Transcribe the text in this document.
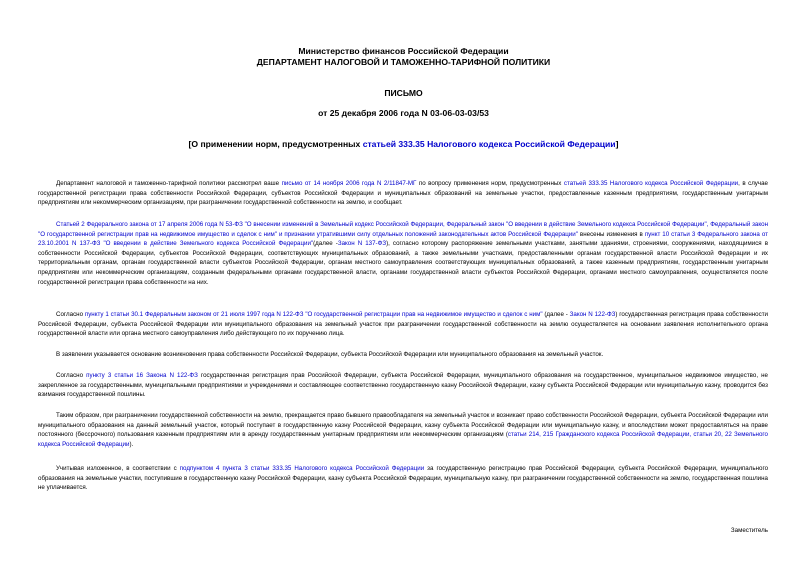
Министерство финансов Российской Федерации
ДЕПАРТАМЕНТ НАЛОГОВОЙ И ТАМОЖЕННО-ТАРИФНОЙ ПОЛИТИКИ
ПИСЬМО
от 25 декабря 2006 года N 03-06-03-03/53
[О применении норм, предусмотренных статьей 333.35 Налогового кодекса Российской Федерации]
Департамент налоговой и таможенно-тарифной политики рассмотрел ваше письмо от 14 ноября 2006 года N 2/11847-МГ по вопросу применения норм, предусмотренных статьей 333.35 Налогового кодекса Российской Федерации, в случае государственной регистрации права собственности Российской Федерации, субъектов Российской Федерации и муниципальных образований на земельные участки, предоставленные казенным предприятиям, государственным унитарным предприятиям или некоммерческим организациям, при разграничении государственной собственности на землю, и сообщает.
Статьей 2 Федерального закона от 17 апреля 2006 года N 53-ФЗ "О внесении изменений в Земельный кодекс Российской Федерации, Федеральный закон "О введении в действие Земельного кодекса Российской Федерации", Федеральный закон "О государственной регистрации прав на недвижимое имущество и сделок с ним" и признании утратившими силу отдельных положений законодательных актов Российской Федерации" внесены изменения в пункт 10 статьи 3 Федерального закона от 23.10.2001 N 137-ФЗ "О введении в действие Земельного кодекса Российской Федерации"(далее -Закон N 137-ФЗ), согласно которому распоряжение земельными участками, занятыми зданиями, строениями, сооружениями, находящимися в собственности Российской Федерации, субъектов Российской Федерации, соответствующих муниципальных образований, а также земельными участками, предоставленными органам государственной власти Российской Федерации и их территориальным органам, органам государственной власти субъектов Российской Федерации, органам местного самоуправления соответствующих муниципальных образований, а также казенным предприятиям, государственным унитарным предприятиям или некоммерческим организациям, созданным федеральными органами государственной власти, органами государственной власти субъектов Российской Федерации, органами местного самоуправления, осуществляется после государственной регистрации права собственности на них.
Согласно пункту 1 статьи 30.1 Федеральным законом от 21 июля 1997 года N 122-ФЗ "О государственной регистрации прав на недвижимое имущество и сделок с ним" (далее - Закон N 122-ФЗ) государственная регистрация права собственности Российской Федерации, субъекта Российской Федерации или муниципального образования на земельный участок при разграничении государственной собственности на землю осуществляется на основании заявления исполнительного органа государственной власти или органа местного самоуправления либо действующего по их поручению лица.
В заявлении указывается основание возникновения права собственности Российской Федерации, субъекта Российской Федерации или муниципального образования на земельный участок.
Согласно пункту 3 статьи 16 Закона N 122-ФЗ государственная регистрация прав Российской Федерации, субъекта Российской Федерации, муниципального образования на государственное, муниципальное недвижимое имущество, не закрепленное за государственными, муниципальными предприятиями и учреждениями и составляющее соответственно государственную казну Российской Федерации, казну субъекта Российской Федерации или муниципальную казну, проводится без взимания государственной пошлины.
Таким образом, при разграничении государственной собственности на землю, прекращается право бывшего правообладателя на земельный участок и возникает право собственности Российской Федерации, субъекта Российской Федерации или муниципального образования на данный земельный участок, который поступает в государственную казну Российской Федерации, казну субъекта Российской Федерации или муниципальную казну, и впоследствии может предоставляться на праве постоянного (бессрочного) пользования казенным предприятиям или в аренду государственным унитарным предприятиям или некоммерческим организациям (статьи 214, 215 Гражданского кодекса Российской Федерации, статьи 20, 22 Земельного кодекса Российской Федерации).
Учитывая изложенное, в соответствии с подпунктом 4 пункта 3 статьи 333.35 Налогового кодекса Российской Федерации за государственную регистрацию прав Российской Федерации, субъекта Российской Федерации, муниципального образования на земельные участки, поступившие в государственную казну Российской Федерации, казну субъекта Российской Федерации, муниципальную казну, при разграничении государственной собственности на землю, государственная пошлина не уплачивается.
Заместитель
